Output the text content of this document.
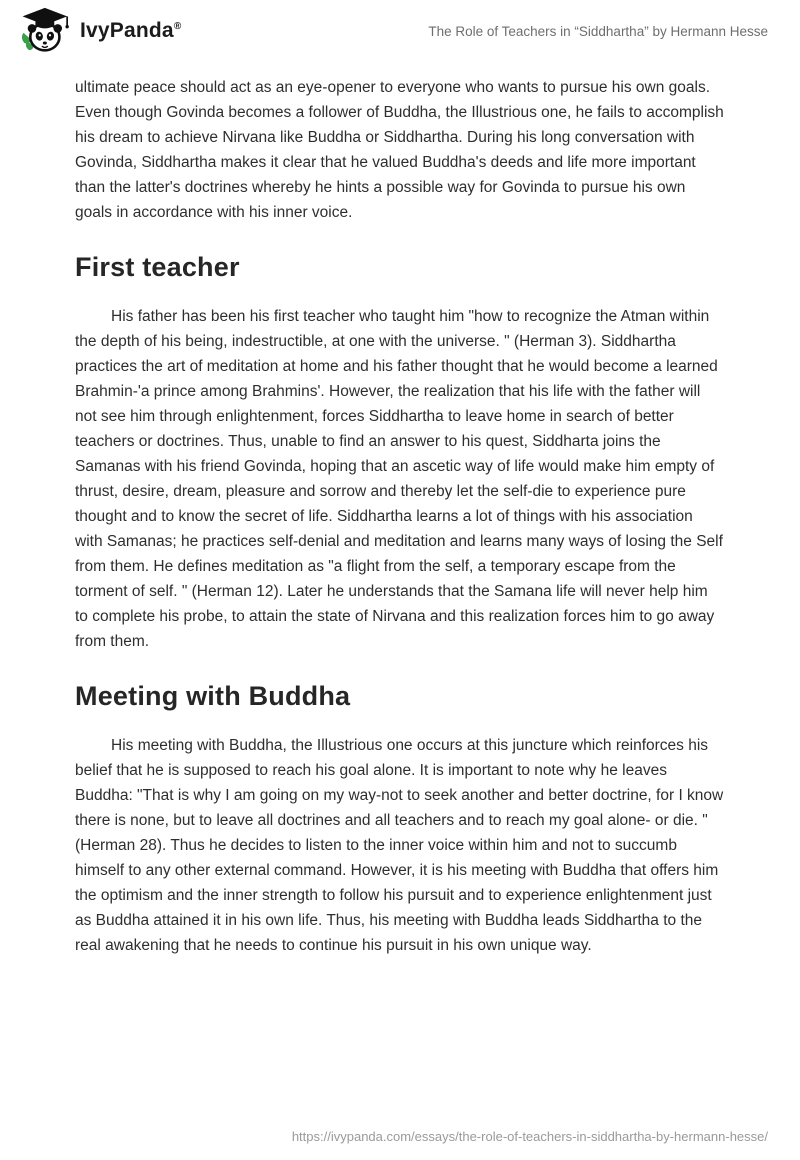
IvyPanda®	The Role of Teachers in “Siddhartha” by Hermann Hesse

ultimate peace should act as an eye-opener to everyone who wants to pursue his own goals. Even though Govinda becomes a follower of Buddha, the Illustrious one, he fails to accomplish his dream to achieve Nirvana like Buddha or Siddhartha. During his long conversation with Govinda, Siddhartha makes it clear that he valued Buddha's deeds and life more important than the latter's doctrines whereby he hints a possible way for Govinda to pursue his own goals in accordance with his inner voice.

First teacher

His father has been his first teacher who taught him "how to recognize the Atman within the depth of his being, indestructible, at one with the universe. " (Herman 3). Siddhartha practices the art of meditation at home and his father thought that he would become a learned Brahmin-'a prince among Brahmins'. However, the realization that his life with the father will not see him through enlightenment, forces Siddhartha to leave home in search of better teachers or doctrines. Thus, unable to find an answer to his quest, Siddharta joins the Samanas with his friend Govinda, hoping that an ascetic way of life would make him empty of thrust, desire, dream, pleasure and sorrow and thereby let the self-die to experience pure thought and to know the secret of life. Siddhartha learns a lot of things with his association with Samanas; he practices self-denial and meditation and learns many ways of losing the Self from them. He defines meditation as "a flight from the self, a temporary escape from the torment of self. " (Herman 12). Later he understands that the Samana life will never help him to complete his probe, to attain the state of Nirvana and this realization forces him to go away from them.

Meeting with Buddha

His meeting with Buddha, the Illustrious one occurs at this juncture which reinforces his belief that he is supposed to reach his goal alone. It is important to note why he leaves Buddha: "That is why I am going on my way-not to seek another and better doctrine, for I know there is none, but to leave all doctrines and all teachers and to reach my goal alone- or die. " (Herman 28). Thus he decides to listen to the inner voice within him and not to succumb himself to any other external command. However, it is his meeting with Buddha that offers him the optimism and the inner strength to follow his pursuit and to experience enlightenment just as Buddha attained it in his own life. Thus, his meeting with Buddha leads Siddhartha to the real awakening that he needs to continue his pursuit in his own unique way.

https://ivypanda.com/essays/the-role-of-teachers-in-siddhartha-by-hermann-hesse/
